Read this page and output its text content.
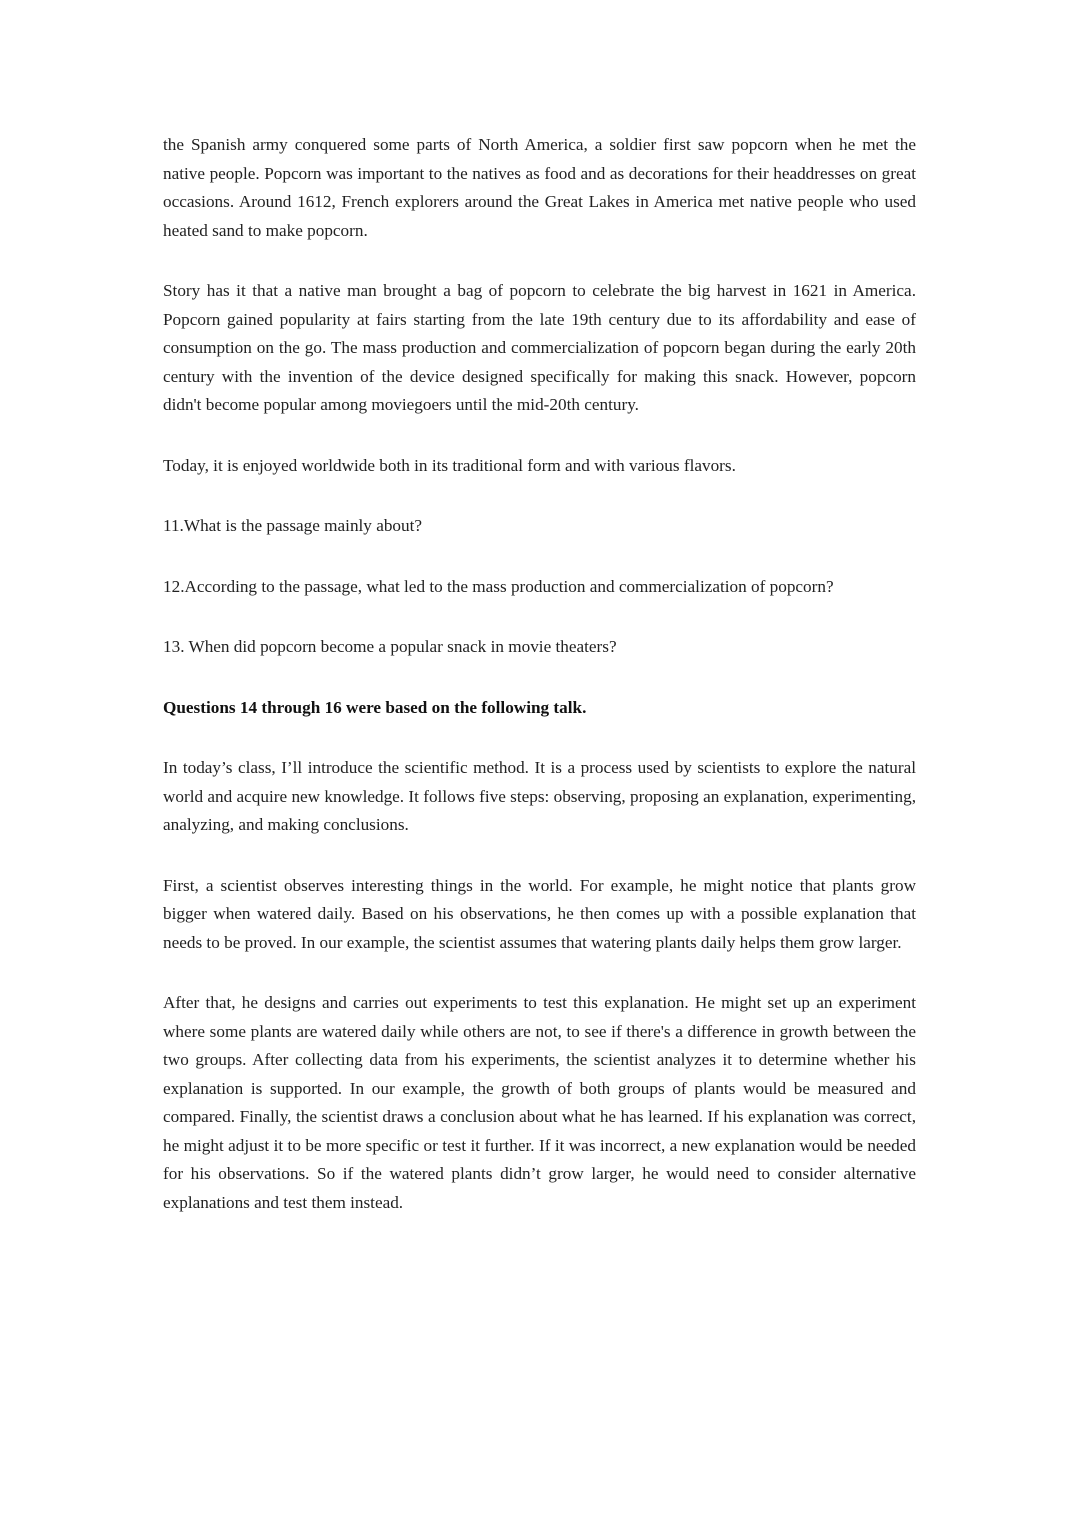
the Spanish army conquered some parts of North America, a soldier first saw popcorn when he met the native people. Popcorn was important to the natives as food and as decorations for their headdresses on great occasions. Around 1612, French explorers around the Great Lakes in America met native people who used heated sand to make popcorn.

Story has it that a native man brought a bag of popcorn to celebrate the big harvest in 1621 in America. Popcorn gained popularity at fairs starting from the late 19th century due to its affordability and ease of consumption on the go. The mass production and commercialization of popcorn began during the early 20th century with the invention of the device designed specifically for making this snack. However, popcorn didn't become popular among moviegoers until the mid-20th century.

Today, it is enjoyed worldwide both in its traditional form and with various flavors.

11.What is the passage mainly about?

12.According to the passage, what led to the mass production and commercialization of popcorn?

13. When did popcorn become a popular snack in movie theaters?

Questions 14 through 16 were based on the following talk.

In today’s class, I’ll introduce the scientific method. It is a process used by scientists to explore the natural world and acquire new knowledge. It follows five steps: observing, proposing an explanation, experimenting, analyzing, and making conclusions.

First, a scientist observes interesting things in the world. For example, he might notice that plants grow bigger when watered daily. Based on his observations, he then comes up with a possible explanation that needs to be proved. In our example, the scientist assumes that watering plants daily helps them grow larger.

After that, he designs and carries out experiments to test this explanation. He might set up an experiment where some plants are watered daily while others are not, to see if there's a difference in growth between the two groups. After collecting data from his experiments, the scientist analyzes it to determine whether his explanation is supported. In our example, the growth of both groups of plants would be measured and compared. Finally, the scientist draws a conclusion about what he has learned. If his explanation was correct, he might adjust it to be more specific or test it further. If it was incorrect, a new explanation would be needed for his observations. So if the watered plants didn’t grow larger, he would need to consider alternative explanations and test them instead.
